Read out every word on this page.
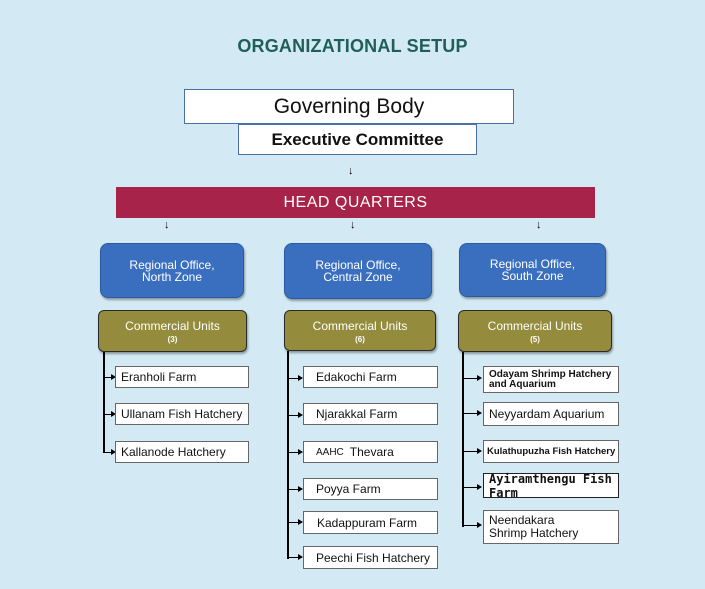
ORGANIZATIONAL SETUP
Governing Body
Executive Committee
↓
HEAD QUARTERS
↓	↓	↓
Regional Office,
North Zone
Regional Office,
Central Zone
Regional Office,
South Zone
Commercial Units
(3)
Commercial Units
(6)
Commercial Units
(5)
Eranholi Farm
Ullanam Fish Hatchery
Kallanode Hatchery
Edakochi Farm
Njarakkal Farm
AAHC Thevara
Poyya Farm
Kadappuram Farm
Peechi Fish Hatchery
Odayam Shrimp Hatchery
and Aquarium
Neyyardam Aquarium
Kulathupuzha Fish Hatchery
Ayiramthengu Fish Farm
Neendakara
Shrimp Hatchery
